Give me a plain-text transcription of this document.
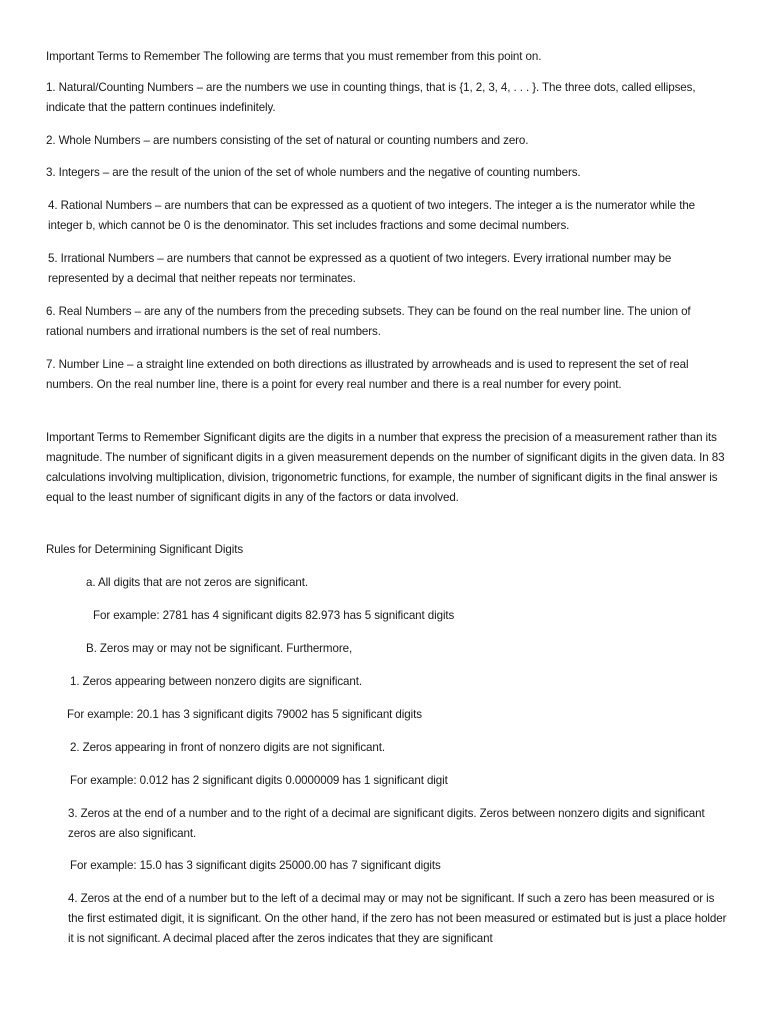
Important Terms to Remember The following are terms that you must remember from this point on.

1. Natural/Counting Numbers – are the numbers we use in counting things, that is {1, 2, 3, 4, . . . }. The three dots, called ellipses, indicate that the pattern continues indefinitely.

2. Whole Numbers – are numbers consisting of the set of natural or counting numbers and zero.

3. Integers – are the result of the union of the set of whole numbers and the negative of counting numbers.

4. Rational Numbers – are numbers that can be expressed as a quotient of two integers. The integer a is the numerator while the integer b, which cannot be 0 is the denominator. This set includes fractions and some decimal numbers.

5. Irrational Numbers – are numbers that cannot be expressed as a quotient of two integers. Every irrational number may be represented by a decimal that neither repeats nor terminates.

6. Real Numbers – are any of the numbers from the preceding subsets. They can be found on the real number line. The union of rational numbers and irrational numbers is the set of real numbers.

7. Number Line – a straight line extended on both directions as illustrated by arrowheads and is used to represent the set of real numbers. On the real number line, there is a point for every real number and there is a real number for every point.

Important Terms to Remember Significant digits are the digits in a number that express the precision of a measurement rather than its magnitude. The number of significant digits in a given measurement depends on the number of significant digits in the given data. In 83 calculations involving multiplication, division, trigonometric functions, for example, the number of significant digits in the final answer is equal to the least number of significant digits in any of the factors or data involved.

Rules for Determining Significant Digits

a. All digits that are not zeros are significant.

For example: 2781 has 4 significant digits 82.973 has 5 significant digits

B. Zeros may or may not be significant. Furthermore,

1. Zeros appearing between nonzero digits are significant.

For example: 20.1 has 3 significant digits 79002 has 5 significant digits

2. Zeros appearing in front of nonzero digits are not significant.

For example: 0.012 has 2 significant digits 0.0000009 has 1 significant digit

3. Zeros at the end of a number and to the right of a decimal are significant digits. Zeros between nonzero digits and significant zeros are also significant.

For example: 15.0 has 3 significant digits 25000.00 has 7 significant digits

4. Zeros at the end of a number but to the left of a decimal may or may not be significant. If such a zero has been measured or is the first estimated digit, it is significant. On the other hand, if the zero has not been measured or estimated but is just a place holder it is not significant. A decimal placed after the zeros indicates that they are significant
